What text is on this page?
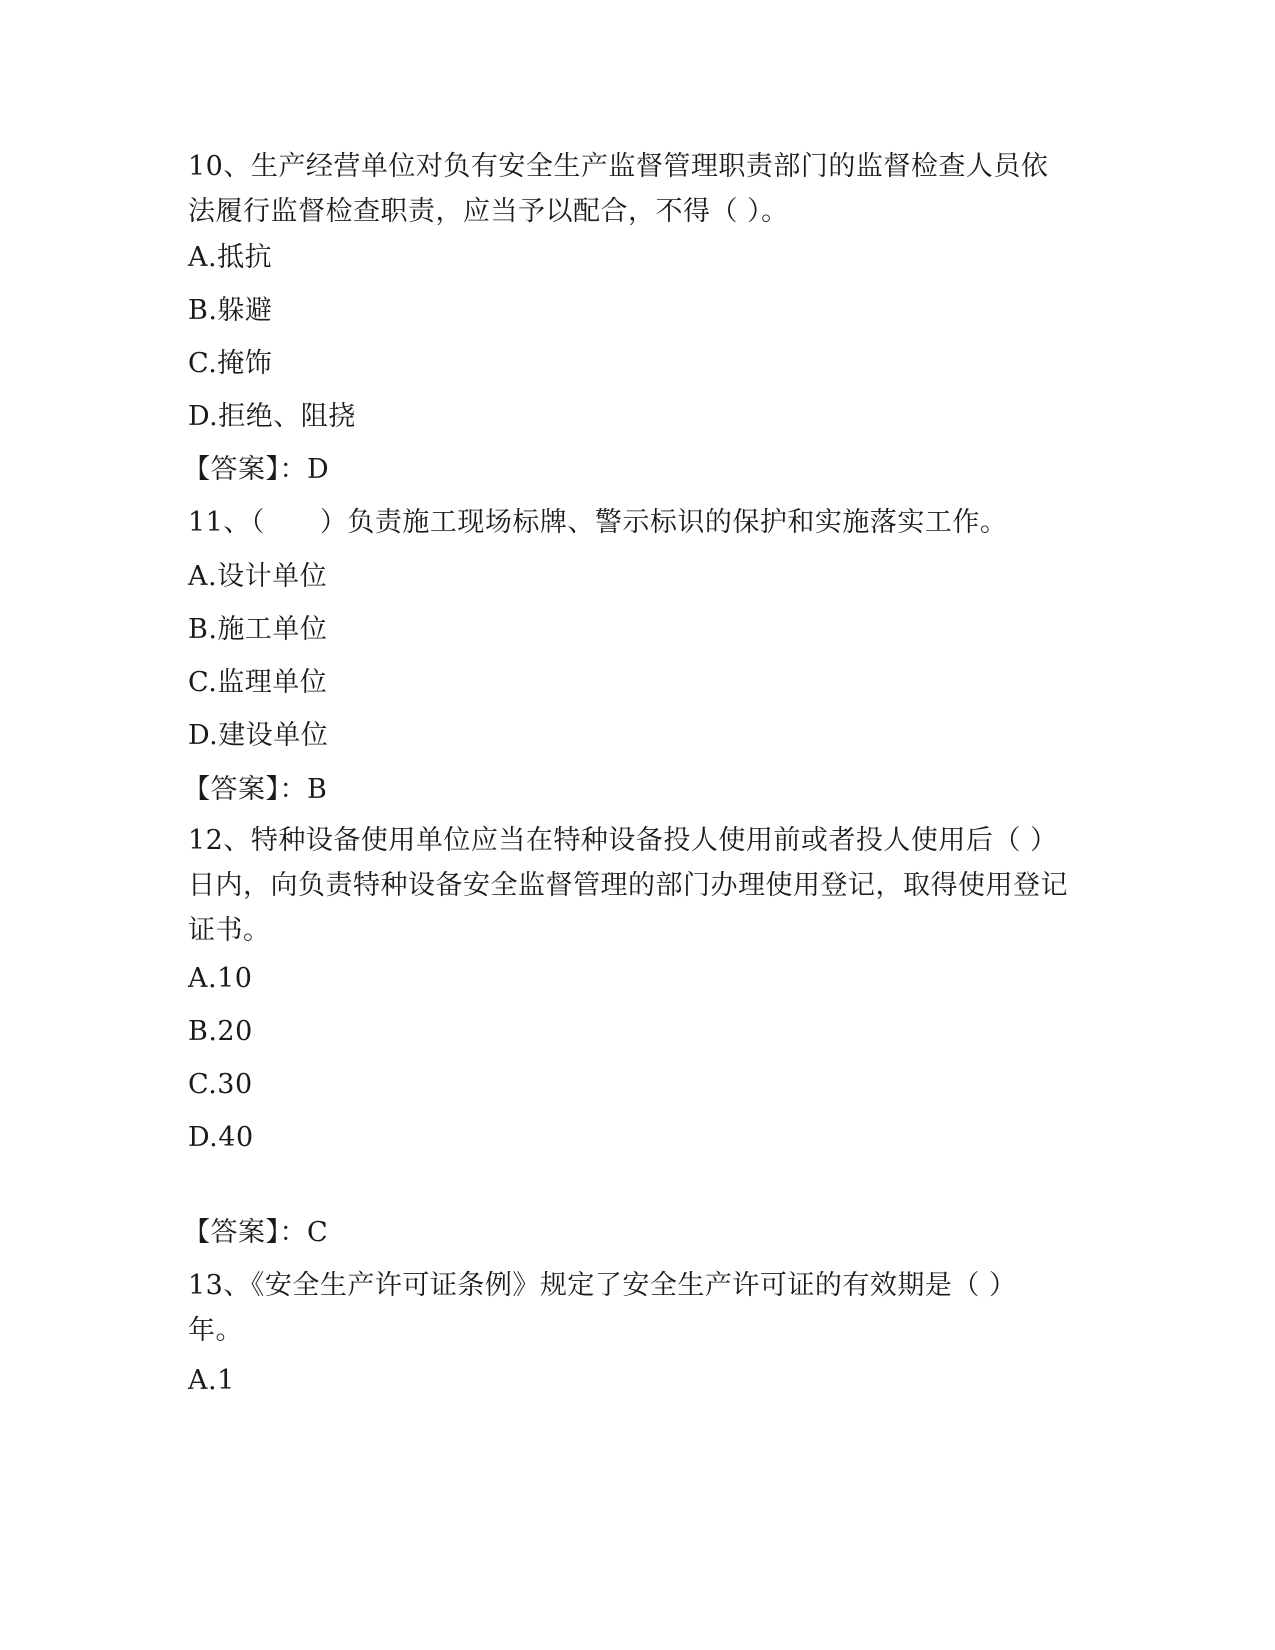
10、生产经营单位对负有安全生产监督管理职责部门的监督检查人员依法履行监督检查职责，应当予以配合，不得（ ）。
A.抵抗
B.躲避
C.掩饰
D.拒绝、阻挠
【答案】：D
11、（　　）负责施工现场标牌、警示标识的保护和实施落实工作。
A.设计单位
B.施工单位
C.监理单位
D.建设单位
【答案】：B
12、特种设备使用单位应当在特种设备投人使用前或者投人使用后（ ）日内，向负责特种设备安全监督管理的部门办理使用登记，取得使用登记证书。
A.10
B.20
C.30
D.40
【答案】：C
13、《安全生产许可证条例》规定了安全生产许可证的有效期是（ ）年。
A.1
